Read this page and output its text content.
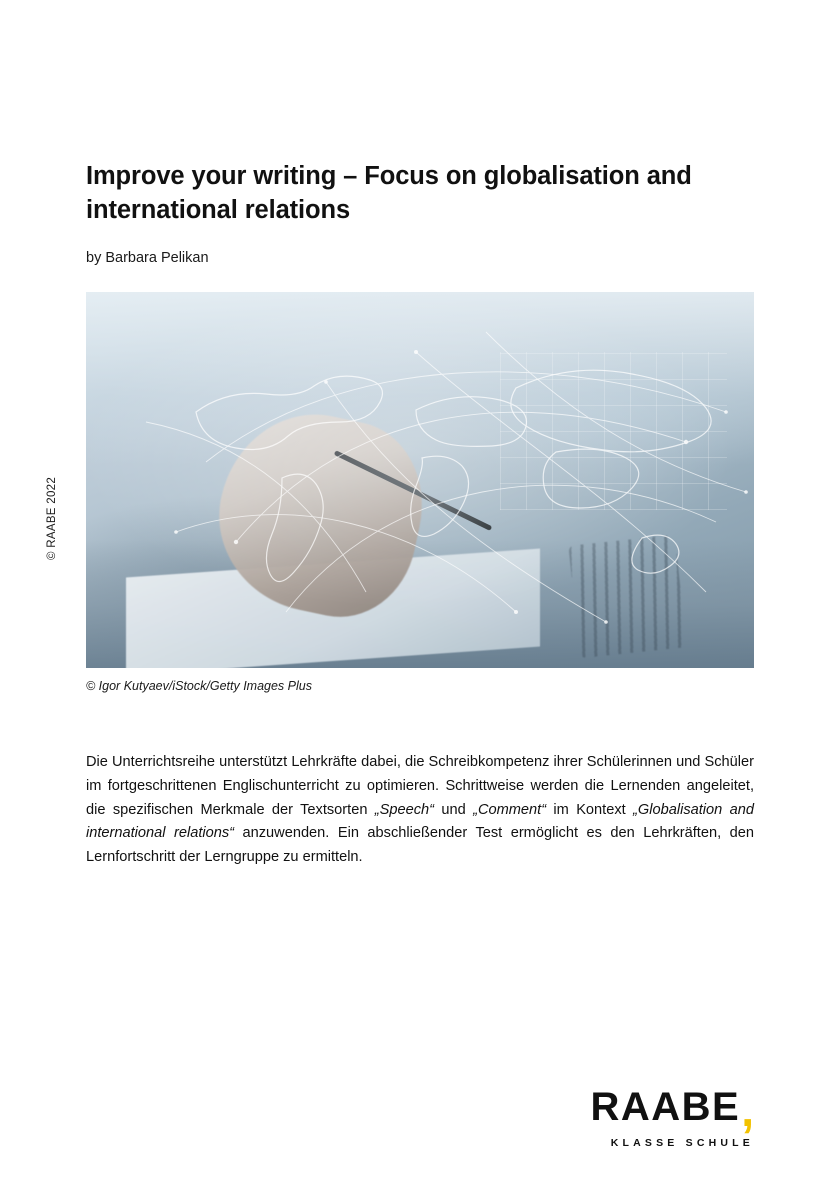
© RAABE 2022
Improve your writing – Focus on globalisation and international relations

by Barbara Pelikan

© Igor Kutyaev/iStock/Getty Images Plus

Die Unterrichtsreihe unterstützt Lehrkräfte dabei, die Schreibkompetenz ihrer Schülerinnen und Schüler im fortgeschrittenen Englischunterricht zu optimieren. Schrittweise werden die Lernenden angeleitet, die spezifischen Merkmale der Textsorten „Speech“ und „Comment“ im Kontext „Globalisation and international relations“ anzuwenden. Ein abschließender Test ermöglicht es den Lehrkräften, den Lernfortschritt der Lerngruppe zu ermitteln.

RAABE,
KLASSE SCHULE
